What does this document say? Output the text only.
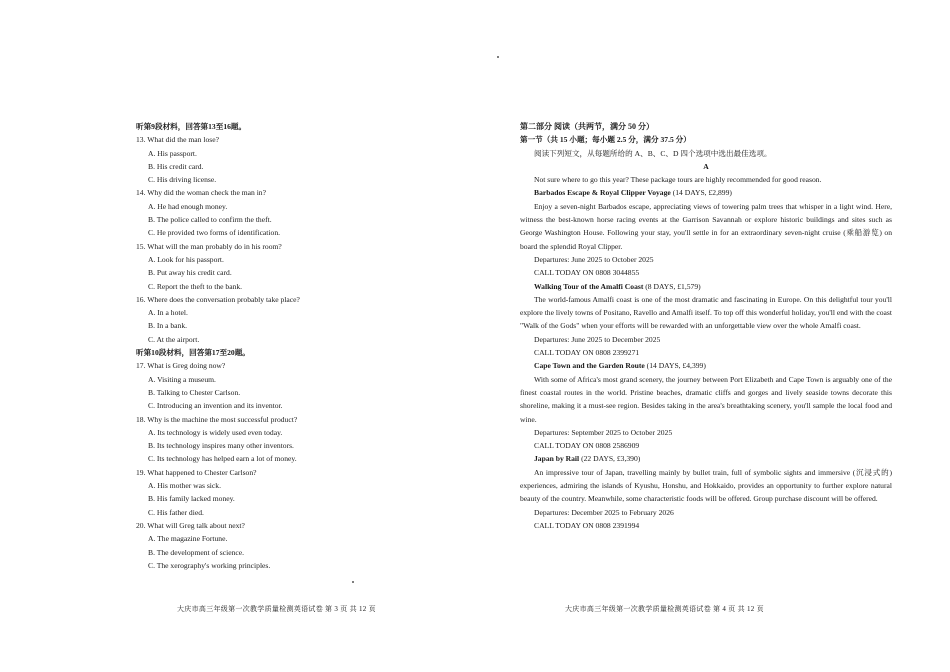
听第9段材料，回答第13至16题。
13. What did the man lose?
A. His passport.
B. His credit card.
C. His driving license.
14. Why did the woman check the man in?
A. He had enough money.
B. The police called to confirm the theft.
C. He provided two forms of identification.
15. What will the man probably do in his room?
A. Look for his passport.
B. Put away his credit card.
C. Report the theft to the bank.
16. Where does the conversation probably take place?
A. In a hotel.
B. In a bank.
C. At the airport.
听第10段材料，回答第17至20题。
17. What is Greg doing now?
A. Visiting a museum.
B. Talking to Chester Carlson.
C. Introducing an invention and its inventor.
18. Why is the machine the most successful product?
A. Its technology is widely used even today.
B. Its technology inspires many other inventors.
C. Its technology has helped earn a lot of money.
19. What happened to Chester Carlson?
A. His mother was sick.
B. His family lacked money.
C. His father died.
20. What will Greg talk about next?
A. The magazine Fortune.
B. The development of science.
C. The xerography's working principles.
大庆市高三年级第一次教学质量检测英语试卷 第 3 页 共 12 页
第二部分 阅读（共两节，满分 50 分）
第一节（共 15 小题；每小题 2.5 分，满分 37.5 分）
阅读下列短文，从每题所给的 A、B、C、D 四个选项中选出最佳选项。
A
Not sure where to go this year? These package tours are highly recommended for good reason.
Barbados Escape & Royal Clipper Voyage (14 DAYS, £2,899)
Enjoy a seven-night Barbados escape, appreciating views of towering palm trees that whisper in a light wind. Here, witness the best-known horse racing events at the Garrison Savannah or explore historic buildings and sites such as George Washington House. Following your stay, you'll settle in for an extraordinary seven-night cruise (乘船游览) on board the splendid Royal Clipper.
Departures: June 2025 to October 2025
CALL TODAY ON 0808 3044855
Walking Tour of the Amalfi Coast (8 DAYS, £1,579)
The world-famous Amalfi coast is one of the most dramatic and fascinating in Europe. On this delightful tour you'll explore the lively towns of Positano, Ravello and Amalfi itself. To top off this wonderful holiday, you'll end with the coast "Walk of the Gods" when your efforts will be rewarded with an unforgettable view over the whole Amalfi coast.
Departures: June 2025 to December 2025
CALL TODAY ON 0808 2399271
Cape Town and the Garden Route (14 DAYS, £4,399)
With some of Africa's most grand scenery, the journey between Port Elizabeth and Cape Town is arguably one of the finest coastal routes in the world. Pristine beaches, dramatic cliffs and gorges and lively seaside towns decorate this shoreline, making it a must-see region. Besides taking in the area's breathtaking scenery, you'll sample the local food and wine.
Departures: September 2025 to October 2025
CALL TODAY ON 0808 2586909
Japan by Rail (22 DAYS, £3,390)
An impressive tour of Japan, travelling mainly by bullet train, full of symbolic sights and immersive (沉浸式的) experiences, admiring the islands of Kyushu, Honshu, and Hokkaido, provides an opportunity to further explore natural beauty of the country. Meanwhile, some characteristic foods will be offered. Group purchase discount will be offered.
Departures: December 2025 to February 2026
CALL TODAY ON 0808 2391994
大庆市高三年级第一次教学质量检测英语试卷 第 4 页 共 12 页
